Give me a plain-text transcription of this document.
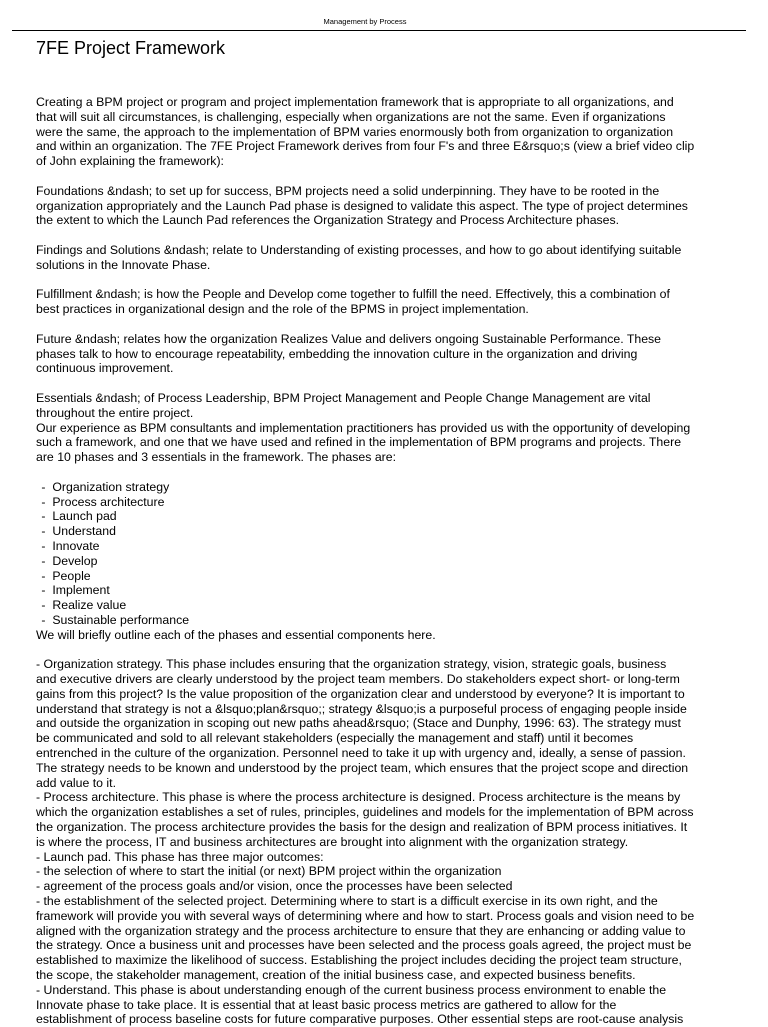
Management by Process
7FE Project Framework

Creating a BPM project or program and project implementation framework that is appropriate to all organizations, and
that will suit all circumstances, is challenging, especially when organizations are not the same. Even if organizations
were the same, the approach to the implementation of BPM varies enormously both from organization to organization
and within an organization. The 7FE Project Framework derives from four F's and three E&rsquo;s (view a brief video clip
of John explaining the framework):

Foundations &ndash; to set up for success, BPM projects need a solid underpinning. They have to be rooted in the
organization appropriately and the Launch Pad phase is designed to validate this aspect. The type of project determines
the extent to which the Launch Pad references the Organization Strategy and Process Architecture phases.

Findings and Solutions &ndash; relate to Understanding of existing processes, and how to go about identifying suitable
solutions in the Innovate Phase.

Fulfillment &ndash; is how the People and Develop come together to fulfill the need. Effectively, this a combination of
best practices in organizational design and the role of the BPMS in project implementation.

Future &ndash; relates how the organization Realizes Value and delivers ongoing Sustainable Performance. These
phases talk to how to encourage repeatability, embedding the innovation culture in the organization and driving
continuous improvement.

Essentials &ndash; of Process Leadership, BPM Project Management and People Change Management are vital
throughout the entire project.
Our experience as BPM consultants and implementation practitioners has provided us with the opportunity of developing
such a framework, and one that we have used and refined in the implementation of BPM programs and projects. There
are 10 phases and 3 essentials in the framework. The phases are:

-  Organization strategy
-  Process architecture
-  Launch pad
-  Understand
-  Innovate
-  Develop
-  People
-  Implement
-  Realize value
-  Sustainable performance

We will briefly outline each of the phases and essential components here.

- Organization strategy. This phase includes ensuring that the organization strategy, vision, strategic goals, business
and executive drivers are clearly understood by the project team members. Do stakeholders expect short- or long-term
gains from this project? Is the value proposition of the organization clear and understood by everyone? It is important to
understand that strategy is not a &lsquo;plan&rsquo;; strategy &lsquo;is a purposeful process of engaging people inside
and outside the organization in scoping out new paths ahead&rsquo; (Stace and Dunphy, 1996: 63). The strategy must
be communicated and sold to all relevant stakeholders (especially the management and staff) until it becomes
entrenched in the culture of the organization. Personnel need to take it up with urgency and, ideally, a sense of passion.
The strategy needs to be known and understood by the project team, which ensures that the project scope and direction
add value to it.

- Process architecture. This phase is where the process architecture is designed. Process architecture is the means by
which the organization establishes a set of rules, principles, guidelines and models for the implementation of BPM across
the organization. The process architecture provides the basis for the design and realization of BPM process initiatives. It
is where the process, IT and business architectures are brought into alignment with the organization strategy.

- Launch pad. This phase has three major outcomes:
- the selection of where to start the initial (or next) BPM project within the organization
- agreement of the process goals and/or vision, once the processes have been selected
- the establishment of the selected project. Determining where to start is a difficult exercise in its own right, and the
framework will provide you with several ways of determining where and how to start. Process goals and vision need to be
aligned with the organization strategy and the process architecture to ensure that they are enhancing or adding value to
the strategy. Once a business unit and processes have been selected and the process goals agreed, the project must be
established to maximize the likelihood of success. Establishing the project includes deciding the project team structure,
the scope, the stakeholder management, creation of the initial business case, and expected business benefits.

- Understand. This phase is about understanding enough of the current business process environment to enable the
Innovate phase to take place. It is essential that at least basic process metrics are gathered to allow for the
establishment of process baseline costs for future comparative purposes. Other essential steps are root-cause analysis
